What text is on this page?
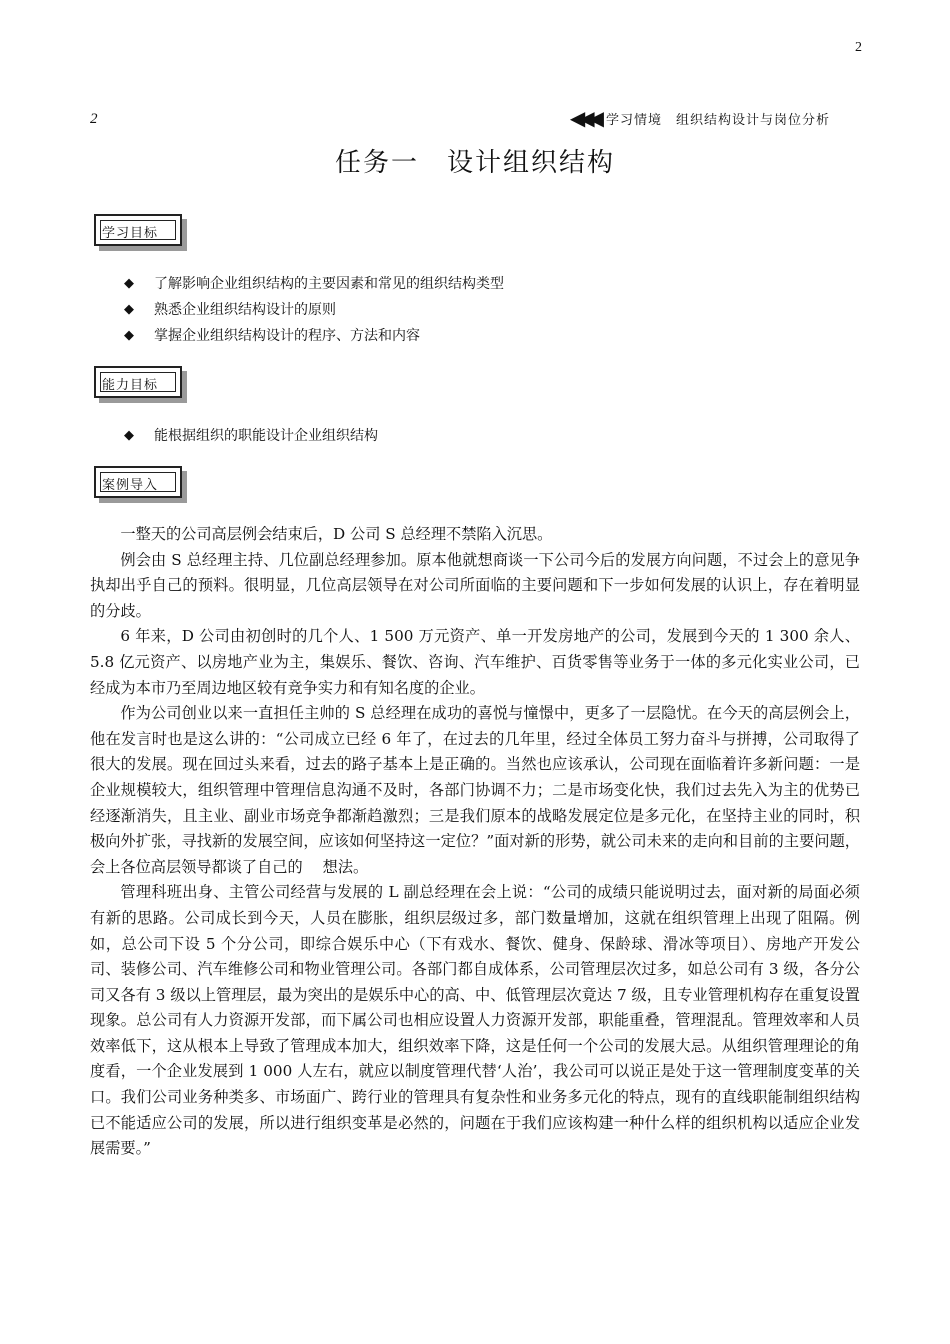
2
2	◀◀◀ 学习情境　组织结构设计与岗位分析
任务一　设计组织结构
学习目标
◆ 了解影响企业组织结构的主要因素和常见的组织结构类型
◆ 熟悉企业组织结构设计的原则
◆ 掌握企业组织结构设计的程序、方法和内容
能力目标
◆ 能根据组织的职能设计企业组织结构
案例导入

一整天的公司高层例会结束后，D 公司 S 总经理不禁陷入沉思。

例会由 S 总经理主持、几位副总经理参加。原本他就想商谈一下公司今后的发展方向问题，不过会上的意见争执却出乎自己的预料。很明显，几位高层领导在对公司所面临的主要问题和下一步如何发展的认识上，存在着明显的分歧。

6 年来，D 公司由初创时的几个人、1 500 万元资产、单一开发房地产的公司，发展到今天的 1 300 余人、5.8 亿元资产、以房地产业为主，集娱乐、餐饮、咨询、汽车维护、百货零售等业务于一体的多元化实业公司，已经成为本市乃至周边地区较有竞争实力和有知名度的企业。

作为公司创业以来一直担任主帅的 S 总经理在成功的喜悦与憧憬中，更多了一层隐忧。在今天的高层例会上，他在发言时也是这么讲的：“公司成立已经 6 年了，在过去的几年里，经过全体员工努力奋斗与拼搏，公司取得了很大的发展。现在回过头来看，过去的路子基本上是正确的。当然也应该承认，公司现在面临着许多新问题：一是企业规模较大，组织管理中管理信息沟通不及时，各部门协调不力；二是市场变化快，我们过去先入为主的优势已经逐渐消失，且主业、副业市场竞争都渐趋激烈；三是我们原本的战略发展定位是多元化，在坚持主业的同时，积极向外扩张，寻找新的发展空间，应该如何坚持这一定位？”面对新的形势，就公司未来的走向和目前的主要问题，会上各位高层领导都谈了自己的　 想法。

管理科班出身、主管公司经营与发展的 L 副总经理在会上说：“公司的成绩只能说明过去，面对新的局面必须有新的思路。公司成长到今天，人员在膨胀，组织层级过多，部门数量增加，这就在组织管理上出现了阻隔。例如，总公司下设 5 个分公司，即综合娱乐中心（下有戏水、餐饮、健身、保龄球、滑冰等项目）、房地产开发公司、装修公司、汽车维修公司和物业管理公司。各部门都自成体系，公司管理层次过多，如总公司有 3 级，各分公司又各有 3 级以上管理层，最为突出的是娱乐中心的高、中、低管理层次竟达 7 级，且专业管理机构存在重复设置现象。总公司有人力资源开发部，而下属公司也相应设置人力资源开发部，职能重叠，管理混乱。管理效率和人员效率低下，这从根本上导致了管理成本加大，组织效率下降，这是任何一个公司的发展大忌。从组织管理理论的角度看，一个企业发展到 1 000 人左右，就应以制度管理代替‘人治’，我公司可以说正是处于这一管理制度变革的关口。我们公司业务种类多、市场面广、跨行业的管理具有复杂性和业务多元化的特点，现有的直线职能制组织结构已不能适应公司的发展，所以进行组织变革是必然的，问题在于我们应该构建一种什么样的组织机构以适应企业发展需要。”
